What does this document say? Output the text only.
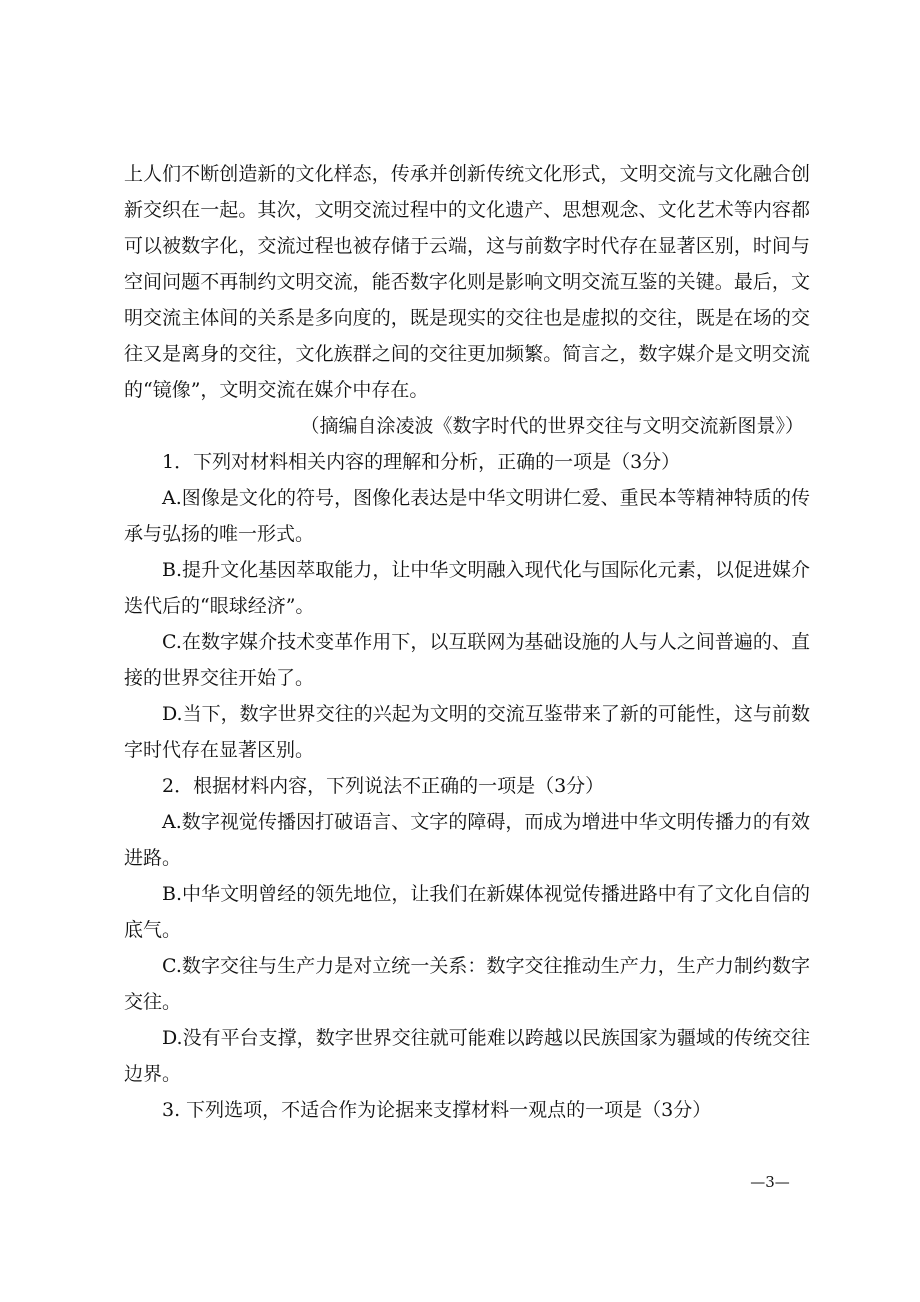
上人们不断创造新的文化样态，传承并创新传统文化形式，文明交流与文化融合创新交织在一起。其次，文明交流过程中的文化遗产、思想观念、文化艺术等内容都可以被数字化，交流过程也被存储于云端，这与前数字时代存在显著区别，时间与空间问题不再制约文明交流，能否数字化则是影响文明交流互鉴的关键。最后，文明交流主体间的关系是多向度的，既是现实的交往也是虚拟的交往，既是在场的交往又是离身的交往，文化族群之间的交往更加频繁。简言之，数字媒介是文明交流的“镜像”，文明交流在媒介中存在。

（摘编自涂凌波《数字时代的世界交往与文明交流新图景》）

1．下列对材料相关内容的理解和分析，正确的一项是（3分）

A.图像是文化的符号，图像化表达是中华文明讲仁爱、重民本等精神特质的传承与弘扬的唯一形式。

B.提升文化基因萃取能力，让中华文明融入现代化与国际化元素，以促进媒介迭代后的“眼球经济”。

C.在数字媒介技术变革作用下，以互联网为基础设施的人与人之间普遍的、直接的世界交往开始了。

D.当下，数字世界交往的兴起为文明的交流互鉴带来了新的可能性，这与前数字时代存在显著区别。

2．根据材料内容，下列说法不正确的一项是（3分）

A.数字视觉传播因打破语言、文字的障碍，而成为增进中华文明传播力的有效进路。

B.中华文明曾经的领先地位，让我们在新媒体视觉传播进路中有了文化自信的底气。

C.数字交往与生产力是对立统一关系：数字交往推动生产力，生产力制约数字交往。

D.没有平台支撑，数字世界交往就可能难以跨越以民族国家为疆域的传统交往边界。

3. 下列选项，不适合作为论据来支撑材料一观点的一项是（3分）

—3—
